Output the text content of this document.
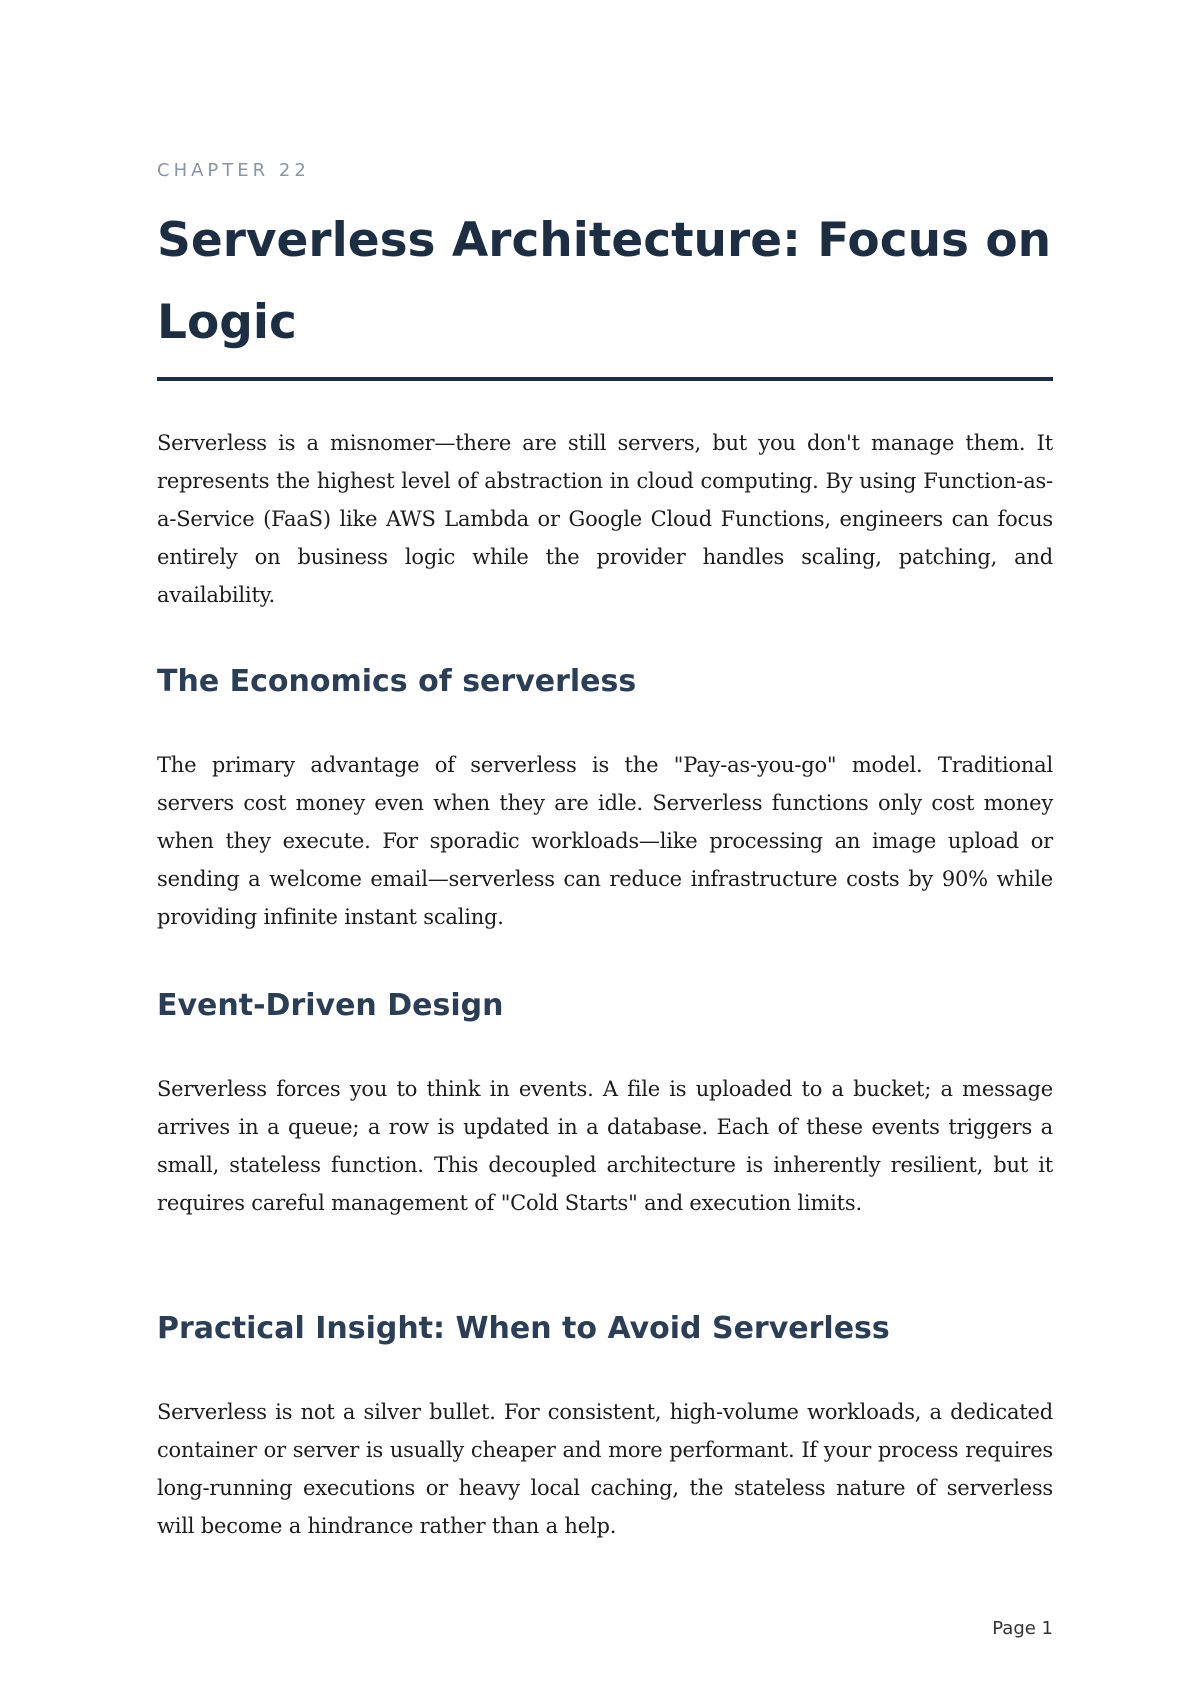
CHAPTER 22

Serverless Architecture: Focus on Logic

Serverless is a misnomer—there are still servers, but you don't manage them. It represents the highest level of abstraction in cloud computing. By using Function-as-a-Service (FaaS) like AWS Lambda or Google Cloud Functions, engineers can focus entirely on business logic while the provider handles scaling, patching, and availability.

The Economics of serverless

The primary advantage of serverless is the "Pay-as-you-go" model. Traditional servers cost money even when they are idle. Serverless functions only cost money when they execute. For sporadic workloads—like processing an image upload or sending a welcome email—serverless can reduce infrastructure costs by 90% while providing infinite instant scaling.

Event-Driven Design

Serverless forces you to think in events. A file is uploaded to a bucket; a message arrives in a queue; a row is updated in a database. Each of these events triggers a small, stateless function. This decoupled architecture is inherently resilient, but it requires careful management of "Cold Starts" and execution limits.

Practical Insight: When to Avoid Serverless

Serverless is not a silver bullet. For consistent, high-volume workloads, a dedicated container or server is usually cheaper and more performant. If your process requires long-running executions or heavy local caching, the stateless nature of serverless will become a hindrance rather than a help.

Page 1
